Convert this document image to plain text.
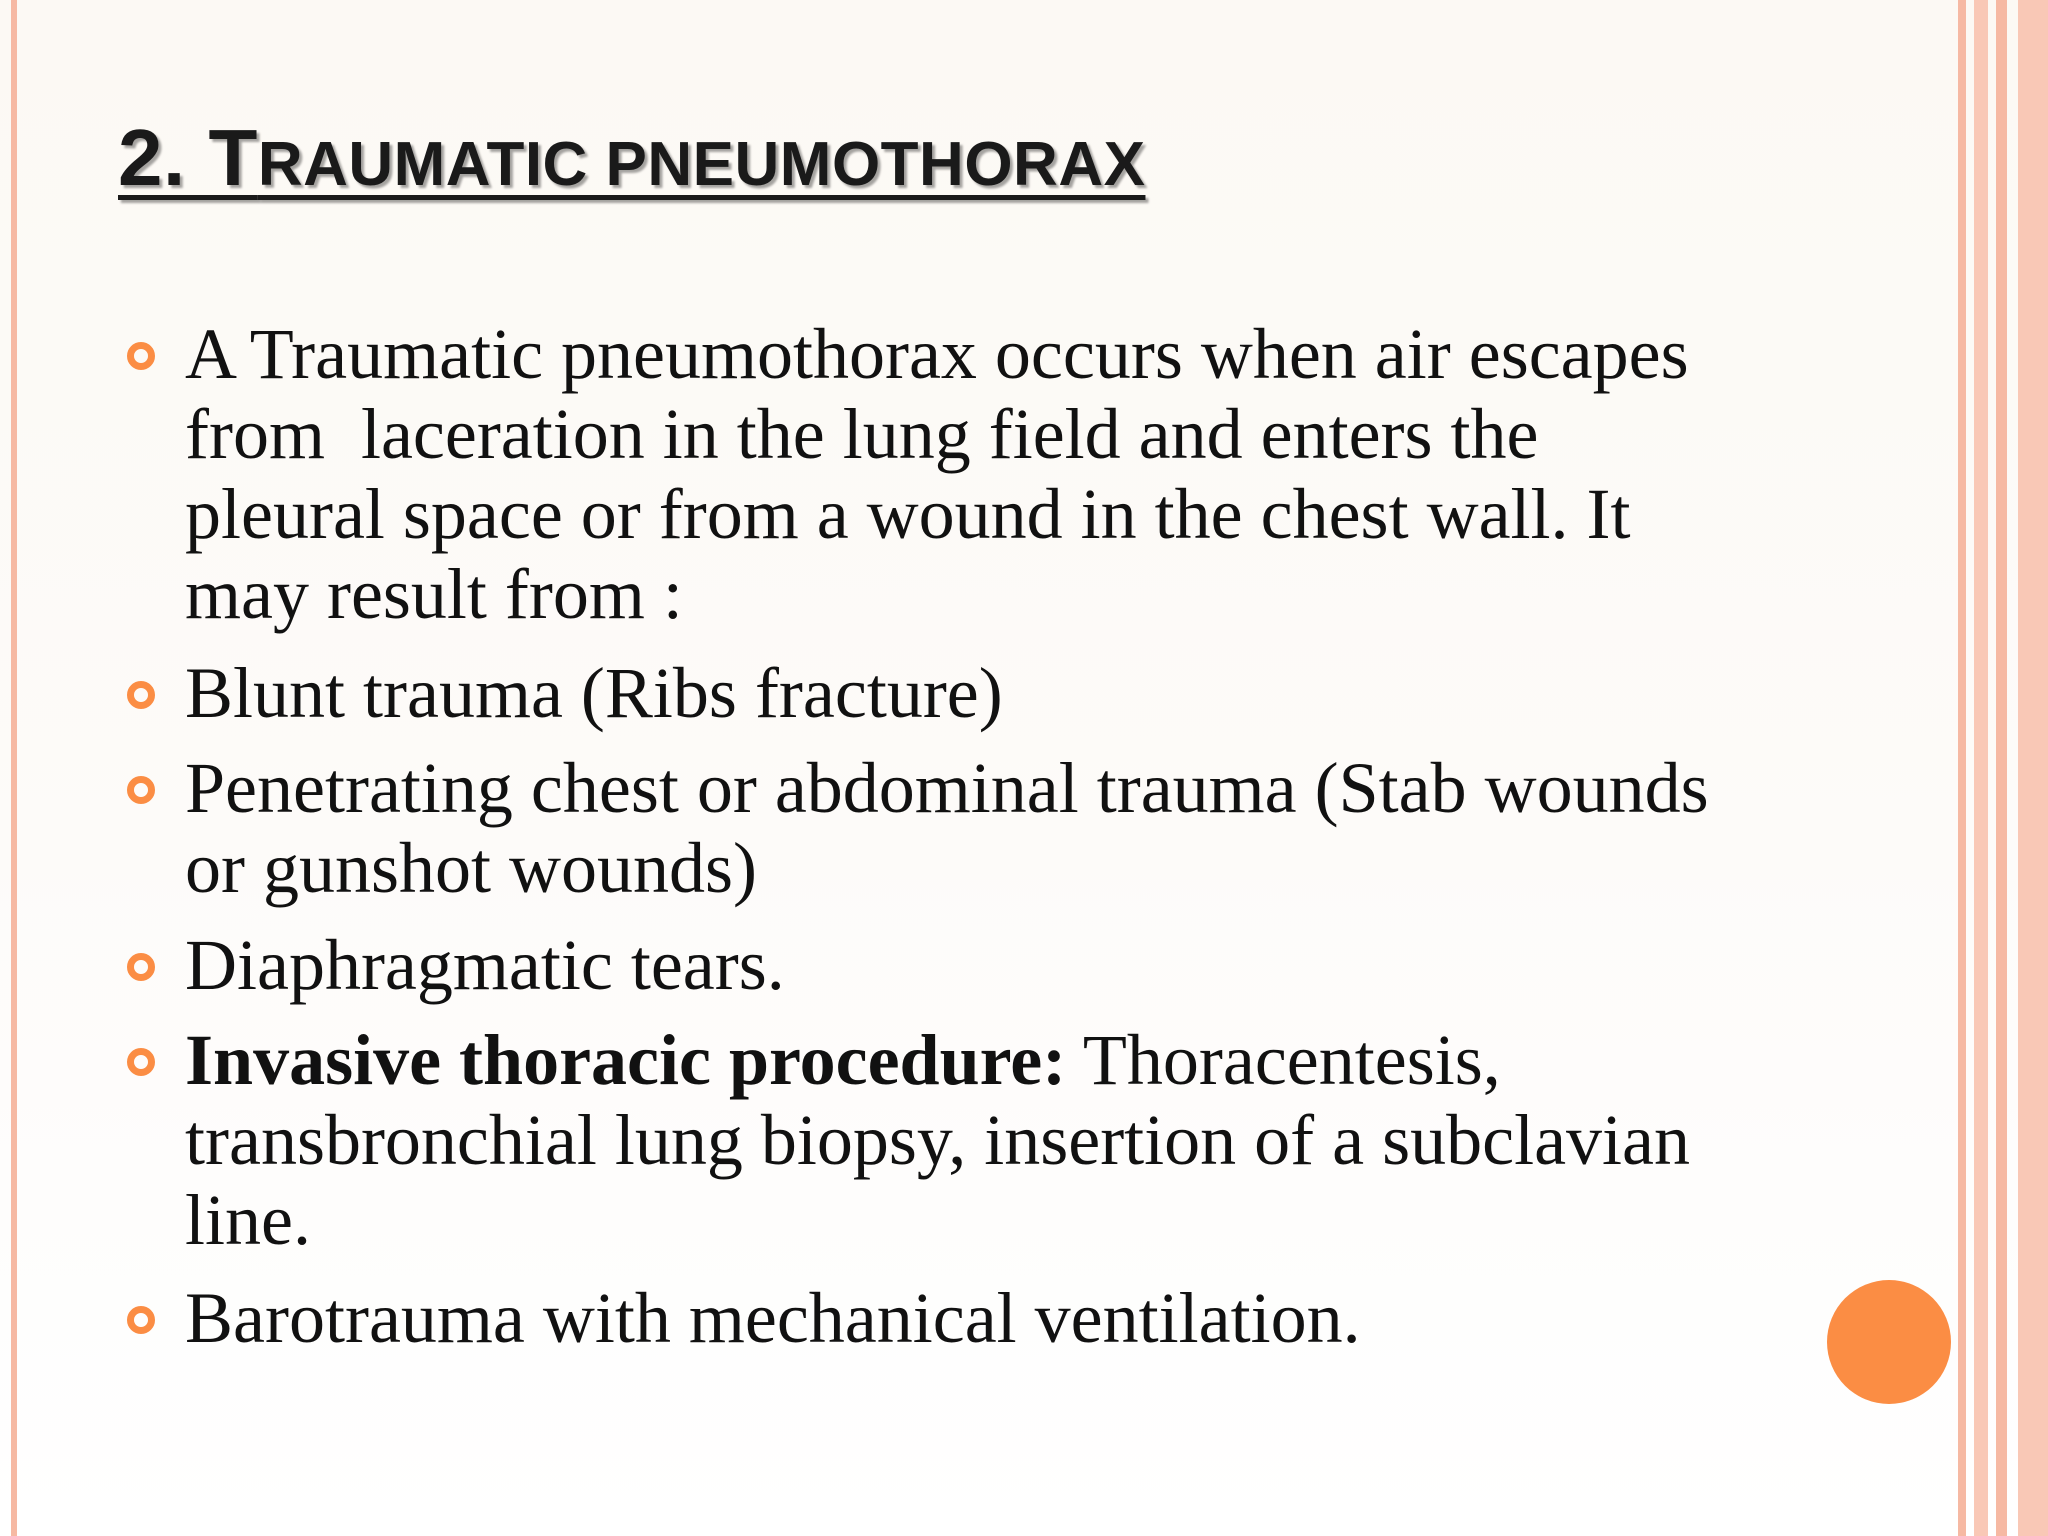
2. TRAUMATIC PNEUMOTHORAX

A Traumatic pneumothorax occurs when air escapes
from  laceration in the lung field and enters the
pleural space or from a wound in the chest wall. It
may result from :

Blunt trauma (Ribs fracture)

Penetrating chest or abdominal trauma (Stab wounds
or gunshot wounds)

Diaphragmatic tears.

Invasive thoracic procedure: Thoracentesis,
transbronchial lung biopsy, insertion of a subclavian
line.

Barotrauma with mechanical ventilation.
